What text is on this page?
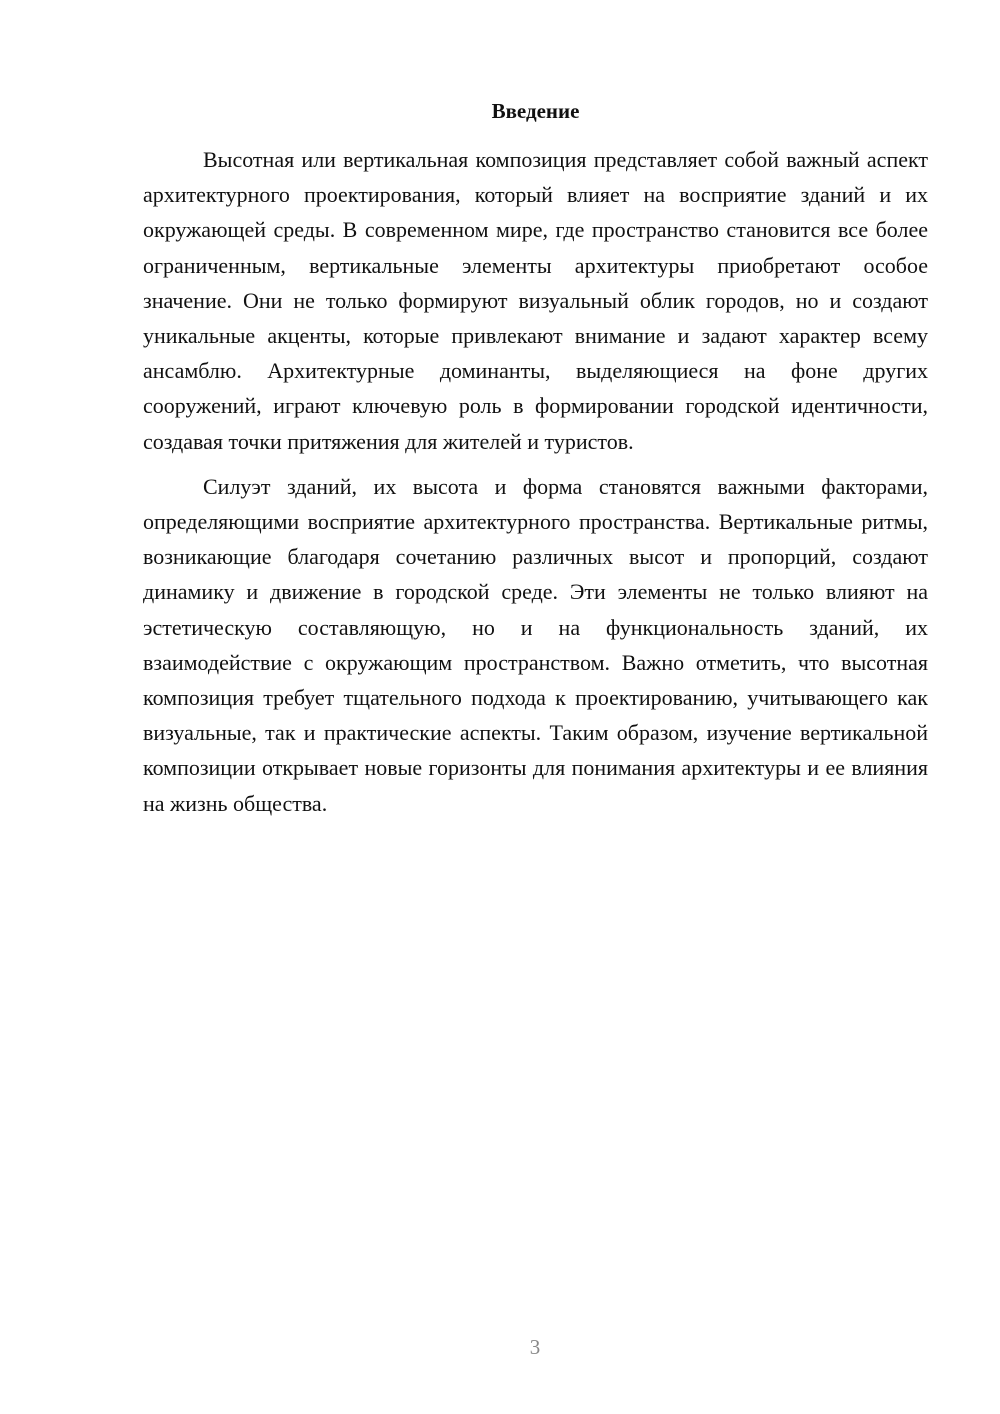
Введение

Высотная или вертикальная композиция представляет собой важный аспект архитектурного проектирования, который влияет на восприятие зданий и их окружающей среды. В современном мире, где пространство становится все более ограниченным, вертикальные элементы архитектуры приобретают особое значение. Они не только формируют визуальный облик городов, но и создают уникальные акценты, которые привлекают внимание и задают характер всему ансамблю. Архитектурные доминанты, выделяющиеся на фоне других сооружений, играют ключевую роль в формировании городской идентичности, создавая точки притяжения для жителей и туристов.

Силуэт зданий, их высота и форма становятся важными факторами, определяющими восприятие архитектурного пространства. Вертикальные ритмы, возникающие благодаря сочетанию различных высот и пропорций, создают динамику и движение в городской среде. Эти элементы не только влияют на эстетическую составляющую, но и на функциональность зданий, их взаимодействие с окружающим пространством. Важно отметить, что высотная композиция требует тщательного подхода к проектированию, учитывающего как визуальные, так и практические аспекты. Таким образом, изучение вертикальной композиции открывает новые горизонты для понимания архитектуры и ее влияния на жизнь общества.

3
